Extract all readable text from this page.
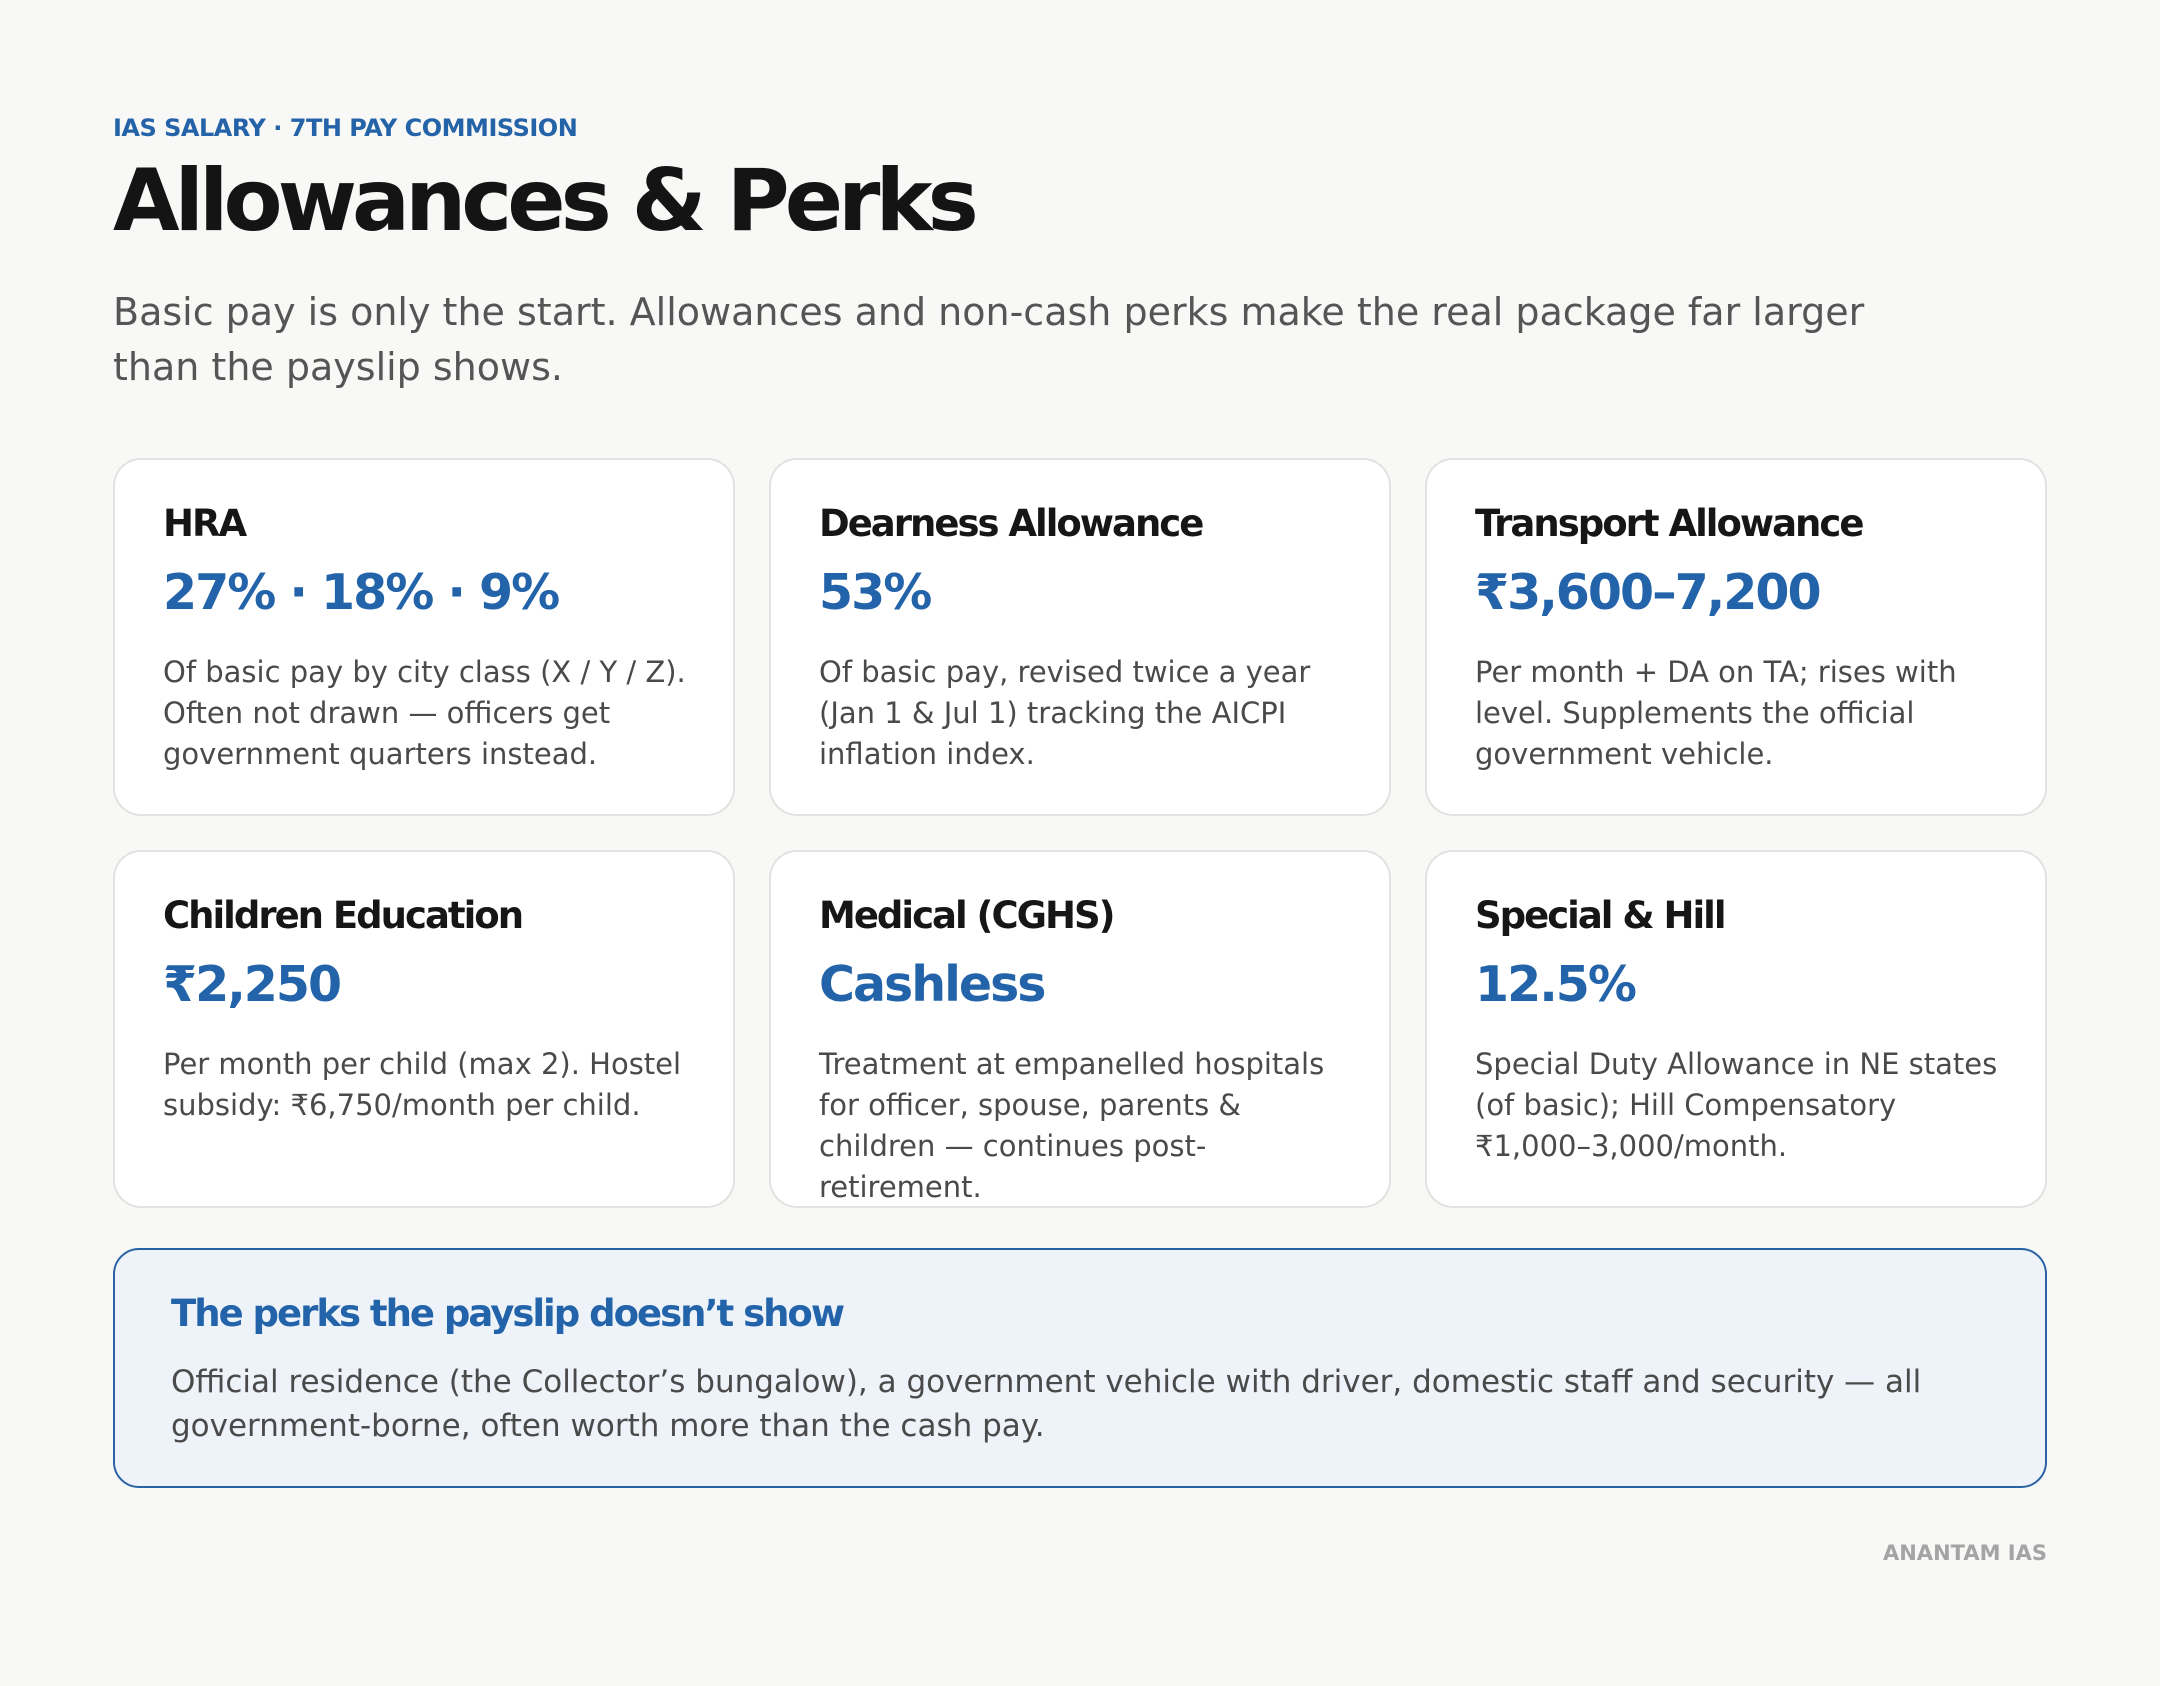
IAS SALARY · 7TH PAY COMMISSION
Allowances & Perks

Basic pay is only the start. Allowances and non-cash perks make the real package far larger than the payslip shows.

HRA
27% · 18% · 9%
Of basic pay by city class (X / Y / Z). Often not drawn — officers get government quarters instead.
Dearness Allowance
53%
Of basic pay, revised twice a year (Jan 1 & Jul 1) tracking the AICPI inflation index.
Transport Allowance
₹3,600–7,200
Per month + DA on TA; rises with level. Supplements the official government vehicle.
Children Education
₹2,250
Per month per child (max 2). Hostel subsidy: ₹6,750/month per child.
Medical (CGHS)
Cashless
Treatment at empanelled hospitals for officer, spouse, parents & children — continues post-retirement.
Special & Hill
12.5%
Special Duty Allowance in NE states (of basic); Hill Compensatory ₹1,000–3,000/month.
The perks the payslip doesn’t show
Official residence (the Collector’s bungalow), a government vehicle with driver, domestic staff and security — all government-borne, often worth more than the cash pay.
ANANTAM IAS
